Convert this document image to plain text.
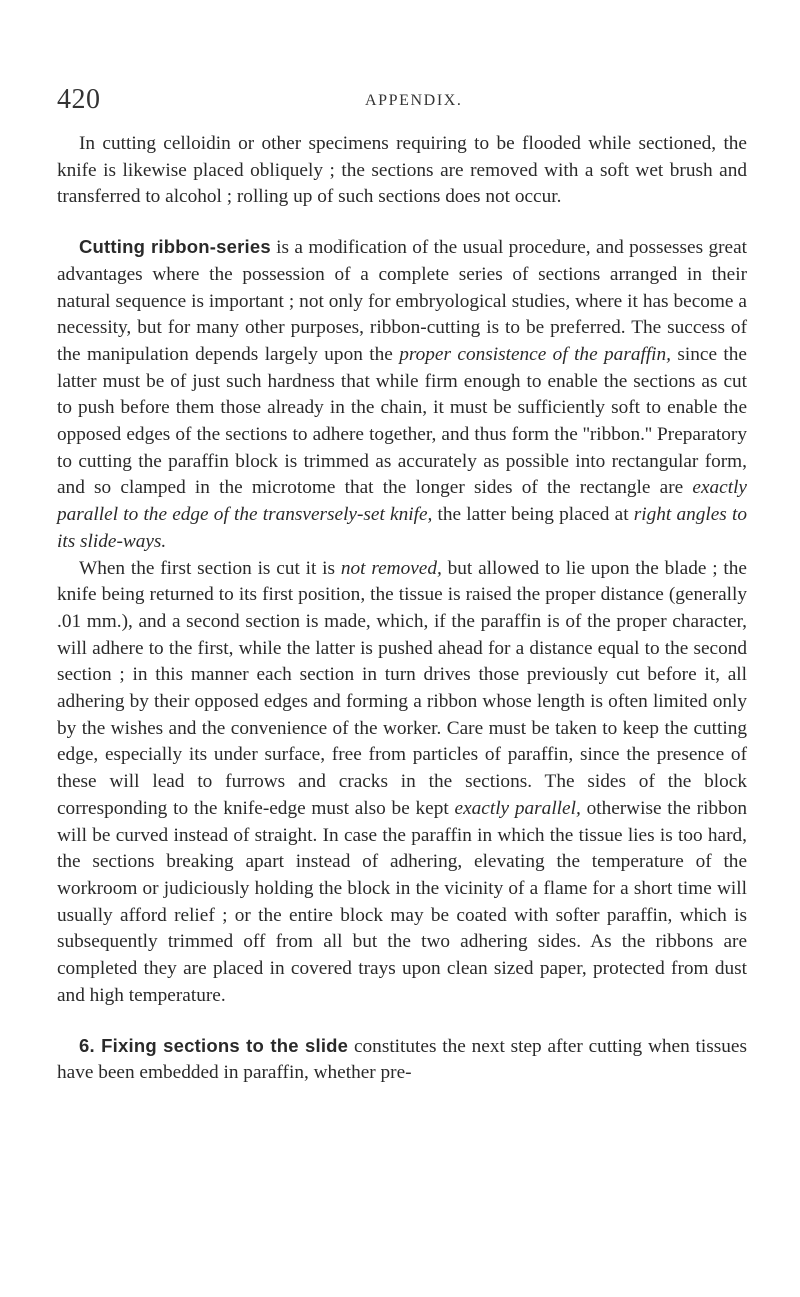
420	APPENDIX.

In cutting celloidin or other specimens requiring to be flooded while sectioned, the knife is likewise placed obliquely ; the sections are removed with a soft wet brush and transferred to alcohol ; rolling up of such sections does not occur.

Cutting ribbon-series is a modification of the usual procedure, and possesses great advantages where the possession of a complete series of sections arranged in their natural sequence is important ; not only for embryological studies, where it has become a necessity, but for many other purposes, ribbon-cutting is to be preferred. The success of the manipulation depends largely upon the proper consistence of the paraffin, since the latter must be of just such hardness that while firm enough to enable the sections as cut to push before them those already in the chain, it must be sufficiently soft to enable the opposed edges of the sections to adhere together, and thus form the ''ribbon.'' Preparatory to cutting the paraffin block is trimmed as accurately as possible into rectangular form, and so clamped in the microtome that the longer sides of the rectangle are exactly parallel to the edge of the transversely-set knife, the latter being placed at right angles to its slide-ways.

When the first section is cut it is not removed, but allowed to lie upon the blade ; the knife being returned to its first position, the tissue is raised the proper distance (generally .01 mm.), and a second section is made, which, if the paraffin is of the proper character, will adhere to the first, while the latter is pushed ahead for a distance equal to the second section ; in this manner each section in turn drives those previously cut before it, all adhering by their opposed edges and forming a ribbon whose length is often limited only by the wishes and the convenience of the worker. Care must be taken to keep the cutting edge, especially its under surface, free from particles of paraffin, since the presence of these will lead to furrows and cracks in the sections. The sides of the block corresponding to the knife-edge must also be kept exactly parallel, otherwise the ribbon will be curved instead of straight. In case the paraffin in which the tissue lies is too hard, the sections breaking apart instead of adhering, elevating the temperature of the workroom or judiciously holding the block in the vicinity of a flame for a short time will usually afford relief ; or the entire block may be coated with softer paraffin, which is subsequently trimmed off from all but the two adhering sides. As the ribbons are completed they are placed in covered trays upon clean sized paper, protected from dust and high temperature.

6. Fixing sections to the slide constitutes the next step after cutting when tissues have been embedded in paraffin, whether pre-
